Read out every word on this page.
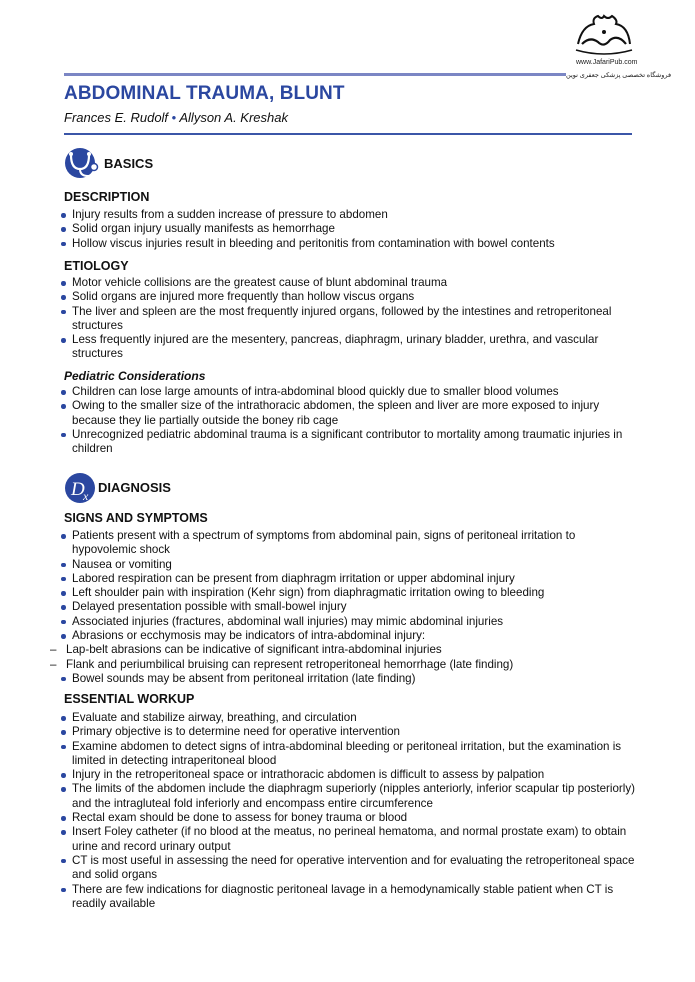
www.JafariPub.com
فروشگاه تخصصی پزشکی جعفری نوین
ABDOMINAL TRAUMA, BLUNT
Frances E. Rudolf • Allyson A. Kreshak
BASICS
DESCRIPTION
Injury results from a sudden increase of pressure to abdomen
Solid organ injury usually manifests as hemorrhage
Hollow viscus injuries result in bleeding and peritonitis from contamination with bowel contents
ETIOLOGY
Motor vehicle collisions are the greatest cause of blunt abdominal trauma
Solid organs are injured more frequently than hollow viscus organs
The liver and spleen are the most frequently injured organs, followed by the intestines and retroperitoneal structures
Less frequently injured are the mesentery, pancreas, diaphragm, urinary bladder, urethra, and vascular structures
Pediatric Considerations
Children can lose large amounts of intra-abdominal blood quickly due to smaller blood volumes
Owing to the smaller size of the intrathoracic abdomen, the spleen and liver are more exposed to injury because they lie partially outside the boney rib cage
Unrecognized pediatric abdominal trauma is a significant contributor to mortality among traumatic injuries in children
D
x
DIAGNOSIS
SIGNS AND SYMPTOMS
Patients present with a spectrum of symptoms from abdominal pain, signs of peritoneal irritation to hypovolemic shock
Nausea or vomiting
Labored respiration can be present from diaphragm irritation or upper abdominal injury
Left shoulder pain with inspiration (Kehr sign) from diaphragmatic irritation owing to bleeding
Delayed presentation possible with small-bowel injury
Associated injuries (fractures, abdominal wall injuries) may mimic abdominal injuries
Abrasions or ecchymosis may be indicators of intra-abdominal injury:
– Lap-belt abrasions can be indicative of significant intra-abdominal injuries
– Flank and periumbilical bruising can represent retroperitoneal hemorrhage (late finding)
Bowel sounds may be absent from peritoneal irritation (late finding)
ESSENTIAL WORKUP
Evaluate and stabilize airway, breathing, and circulation
Primary objective is to determine need for operative intervention
Examine abdomen to detect signs of intra-abdominal bleeding or peritoneal irritation, but the examination is limited in detecting intraperitoneal blood
Injury in the retroperitoneal space or intrathoracic abdomen is difficult to assess by palpation
The limits of the abdomen include the diaphragm superiorly (nipples anteriorly, inferior scapular tip posteriorly) and the intragluteal fold inferiorly and encompass entire circumference
Rectal exam should be done to assess for boney trauma or blood
Insert Foley catheter (if no blood at the meatus, no perineal hematoma, and normal prostate exam) to obtain urine and record urinary output
CT is most useful in assessing the need for operative intervention and for evaluating the retroperitoneal space and solid organs
There are few indications for diagnostic peritoneal lavage in a hemodynamically stable patient when CT is readily available
